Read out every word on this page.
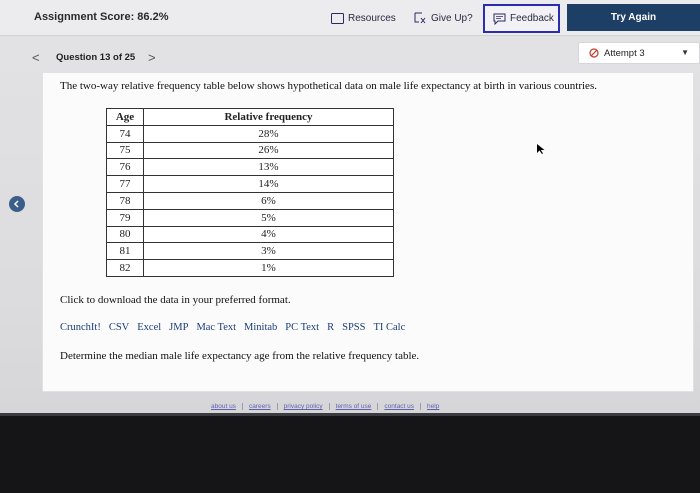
Assignment Score: 86.2%	Resources	Give Up?	Feedback	Try Again
< Question 13 of 25 >	Attempt 3	▼
The two-way relative frequency table below shows hypothetical data on male life expectancy at birth in various countries.
Age	Relative frequency
74	28%
75	26%
76	13%
77	14%
78	6%
79	5%
80	4%
81	3%
82	1%
Click to download the data in your preferred format.
CrunchIt! CSV Excel JMP Mac Text Minitab PC Text R SPSS TI Calc
Determine the median male life expectancy age from the relative frequency table.
about us	careers	privacy policy	terms of use	contact us	help
